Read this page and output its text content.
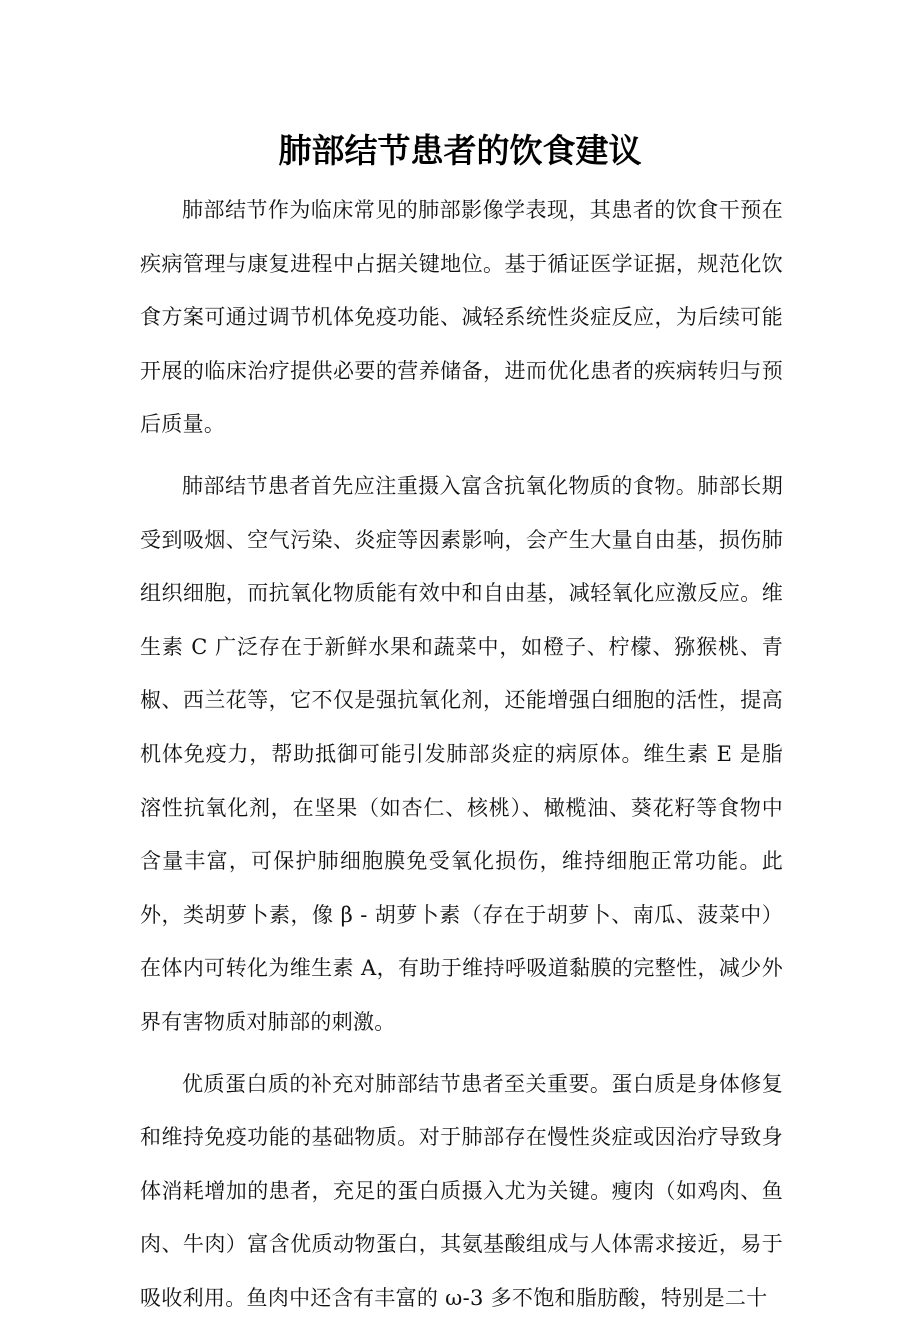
肺部结节患者的饮食建议

肺部结节作为临床常见的肺部影像学表现，其患者的饮食干预在疾病管理与康复进程中占据关键地位。基于循证医学证据，规范化饮食方案可通过调节机体免疫功能、减轻系统性炎症反应，为后续可能开展的临床治疗提供必要的营养储备，进而优化患者的疾病转归与预后质量。

肺部结节患者首先应注重摄入富含抗氧化物质的食物。肺部长期受到吸烟、空气污染、炎症等因素影响，会产生大量自由基，损伤肺组织细胞，而抗氧化物质能有效中和自由基，减轻氧化应激反应。维生素 C 广泛存在于新鲜水果和蔬菜中，如橙子、柠檬、猕猴桃、青椒、西兰花等，它不仅是强抗氧化剂，还能增强白细胞的活性，提高机体免疫力，帮助抵御可能引发肺部炎症的病原体。维生素 E 是脂溶性抗氧化剂，在坚果（如杏仁、核桃）、橄榄油、葵花籽等食物中含量丰富，可保护肺细胞膜免受氧化损伤，维持细胞正常功能。此外，类胡萝卜素，像 β - 胡萝卜素（存在于胡萝卜、南瓜、菠菜中）在体内可转化为维生素 A，有助于维持呼吸道黏膜的完整性，减少外界有害物质对肺部的刺激。

优质蛋白质的补充对肺部结节患者至关重要。蛋白质是身体修复和维持免疫功能的基础物质。对于肺部存在慢性炎症或因治疗导致身体消耗增加的患者，充足的蛋白质摄入尤为关键。瘦肉（如鸡肉、鱼肉、牛肉）富含优质动物蛋白，其氨基酸组成与人体需求接近，易于吸收利用。鱼肉中还含有丰富的 ω-3 多不饱和脂肪酸，特别是二十
